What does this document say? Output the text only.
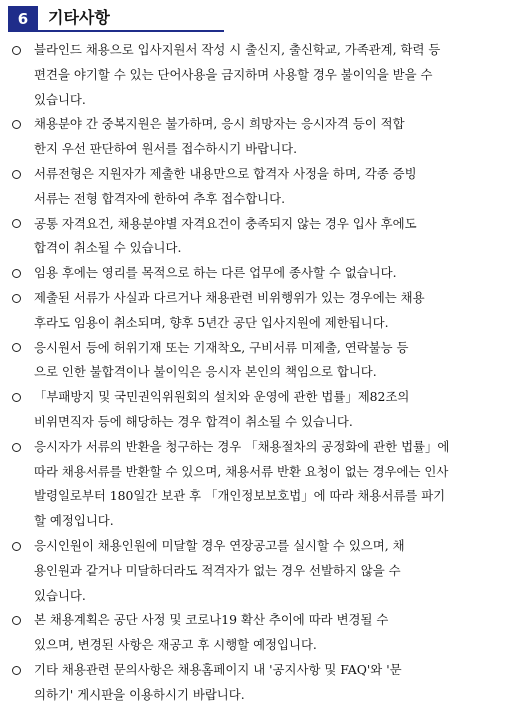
6	기타사항
블라인드 채용으로 입사지원서 작성 시 출신지, 출신학교, 가족관계, 학력 등
편견을 야기할 수 있는 단어사용을 금지하며 사용할 경우 불이익을 받을 수
있습니다.
채용분야 간 중복지원은 불가하며, 응시 희망자는 응시자격 등이 적합
한지 우선 판단하여 원서를 접수하시기 바랍니다.
서류전형은 지원자가 제출한 내용만으로 합격자 사정을 하며, 각종 증빙
서류는 전형 합격자에 한하여 추후 접수합니다.
공통 자격요건, 채용분야별 자격요건이 충족되지 않는 경우 입사 후에도
합격이 취소될 수 있습니다.
임용 후에는 영리를 목적으로 하는 다른 업무에 종사할 수 없습니다.
제출된 서류가 사실과 다르거나 채용관련 비위행위가 있는 경우에는 채용
후라도 임용이 취소되며, 향후 5년간 공단 입사지원에 제한됩니다.
응시원서 등에 허위기재 또는 기재착오, 구비서류 미제출, 연락불능 등
으로 인한 불합격이나 불이익은 응시자 본인의 책임으로 합니다.
「부패방지 및 국민권익위원회의 설치와 운영에 관한 법률」제82조의
비위면직자 등에 해당하는 경우 합격이 취소될 수 있습니다.
응시자가 서류의 반환을 청구하는 경우 「채용절차의 공정화에 관한 법률」에
따라 채용서류를 반환할 수 있으며, 채용서류 반환 요청이 없는 경우에는 인사
발령일로부터 180일간 보관 후 「개인정보보호법」에 따라 채용서류를 파기
할 예정입니다.
응시인원이 채용인원에 미달할 경우 연장공고를 실시할 수 있으며, 채
용인원과 같거나 미달하더라도 적격자가 없는 경우 선발하지 않을 수
있습니다.
본 채용계획은 공단 사정 및 코로나19 확산 추이에 따라 변경될 수
있으며, 변경된 사항은 재공고 후 시행할 예정입니다.
기타 채용관련 문의사항은 채용홈페이지 내 '공지사항 및 FAQ'와 '문
의하기' 게시판을 이용하시기 바랍니다.
